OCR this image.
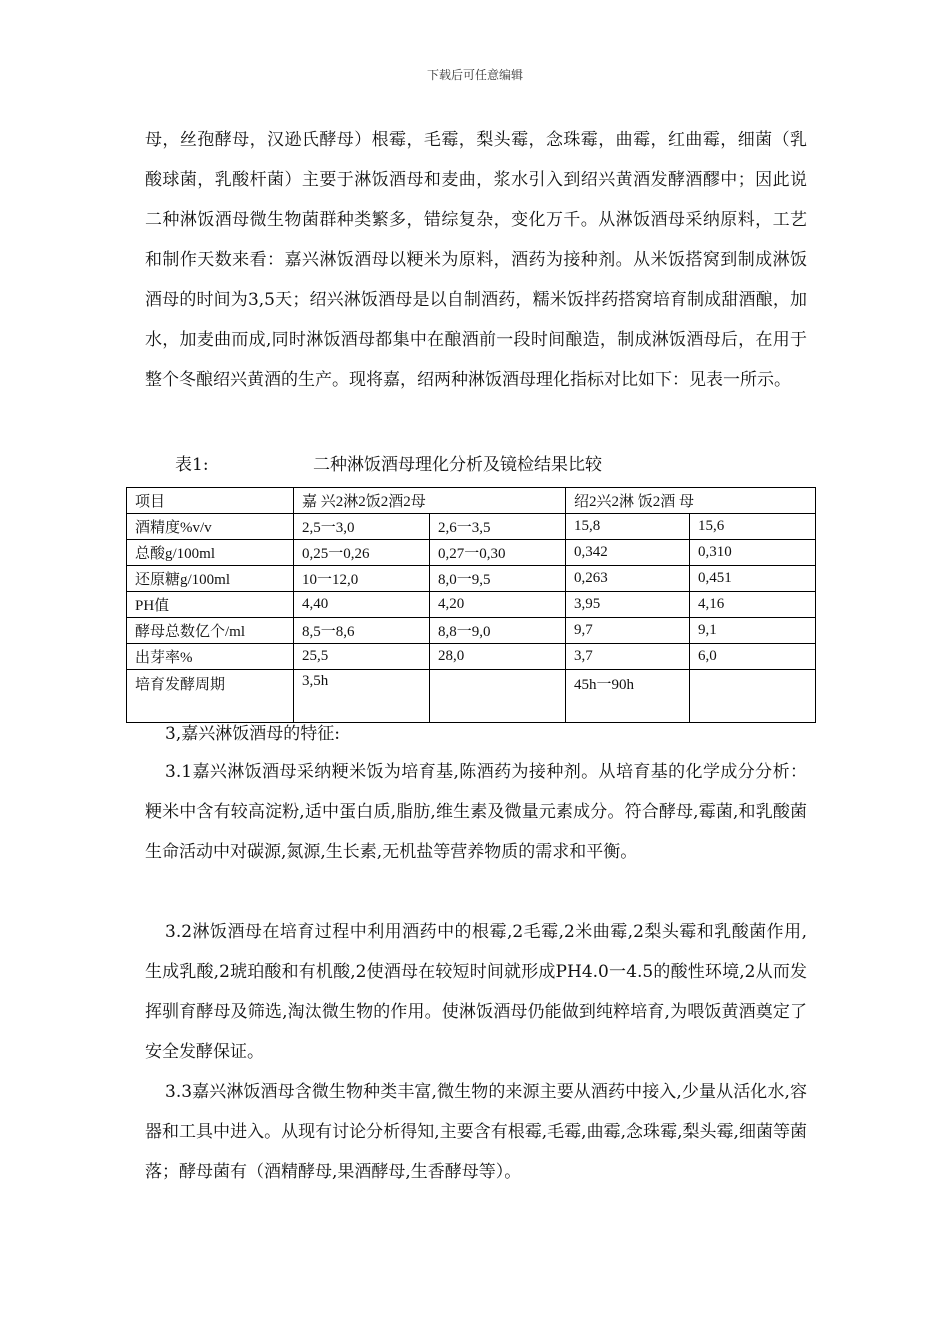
下载后可任意编辑

母，丝孢酵母，汉逊氏酵母）根霉，毛霉，梨头霉，念珠霉，曲霉，红曲霉，细菌（乳酸球菌，乳酸杆菌）主要于淋饭酒母和麦曲，浆水引入到绍兴黄酒发酵酒醪中；因此说二种淋饭酒母微生物菌群种类繁多，错综复杂，变化万千。从淋饭酒母采纳原料，工艺和制作天数来看：嘉兴淋饭酒母以粳米为原料，酒药为接种剂。从米饭搭窝到制成淋饭酒母的时间为3,5天；绍兴淋饭酒母是以自制酒药，糯米饭拌药搭窝培育制成甜酒酿，加水，加麦曲而成,同时淋饭酒母都集中在酿酒前一段时间酿造，制成淋饭酒母后，在用于整个冬酿绍兴黄酒的生产。现将嘉，绍两种淋饭酒母理化指标对比如下：见表一所示。

表1:	二种淋饭酒母理化分析及镜检结果比较
项目	嘉 兴2淋2饭2酒2母		绍2兴2淋 饭2酒 母	
酒精度%v/v	2,5一3,0	2,6一3,5	15,8	15,6
总酸g/100ml	0,25一0,26	0,27一0,30	0,342	0,310
还原糖g/100ml	10一12,0	8,0一9,5	0,263	0,451
PH值	4,40	4,20	3,95	4,16
酵母总数亿个/ml	8,5一8,6	8,8一9,0	9,7	9,1
出芽率%	25,5	28,0	3,7	6,0
培育发酵周期	3,5h		45h一90h	

3,嘉兴淋饭酒母的特征:

3.1嘉兴淋饭酒母采纳粳米饭为培育基,陈酒药为接种剂。从培育基的化学成分分析：粳米中含有较高淀粉,适中蛋白质,脂肪,维生素及微量元素成分。符合酵母,霉菌,和乳酸菌生命活动中对碳源,氮源,生长素,无机盐等营养物质的需求和平衡。

3.2淋饭酒母在培育过程中利用酒药中的根霉,2毛霉,2米曲霉,2梨头霉和乳酸菌作用,生成乳酸,2琥珀酸和有机酸,2使酒母在较短时间就形成PH4.0一4.5的酸性环境,2从而发挥驯育酵母及筛选,淘汰微生物的作用。使淋饭酒母仍能做到纯粹培育,为喂饭黄酒奠定了安全发酵保证。

3.3嘉兴淋饭酒母含微生物种类丰富,微生物的来源主要从酒药中接入,少量从活化水,容器和工具中进入。从现有讨论分析得知,主要含有根霉,毛霉,曲霉,念珠霉,梨头霉,细菌等菌落；酵母菌有（酒精酵母,果酒酵母,生香酵母等）。
